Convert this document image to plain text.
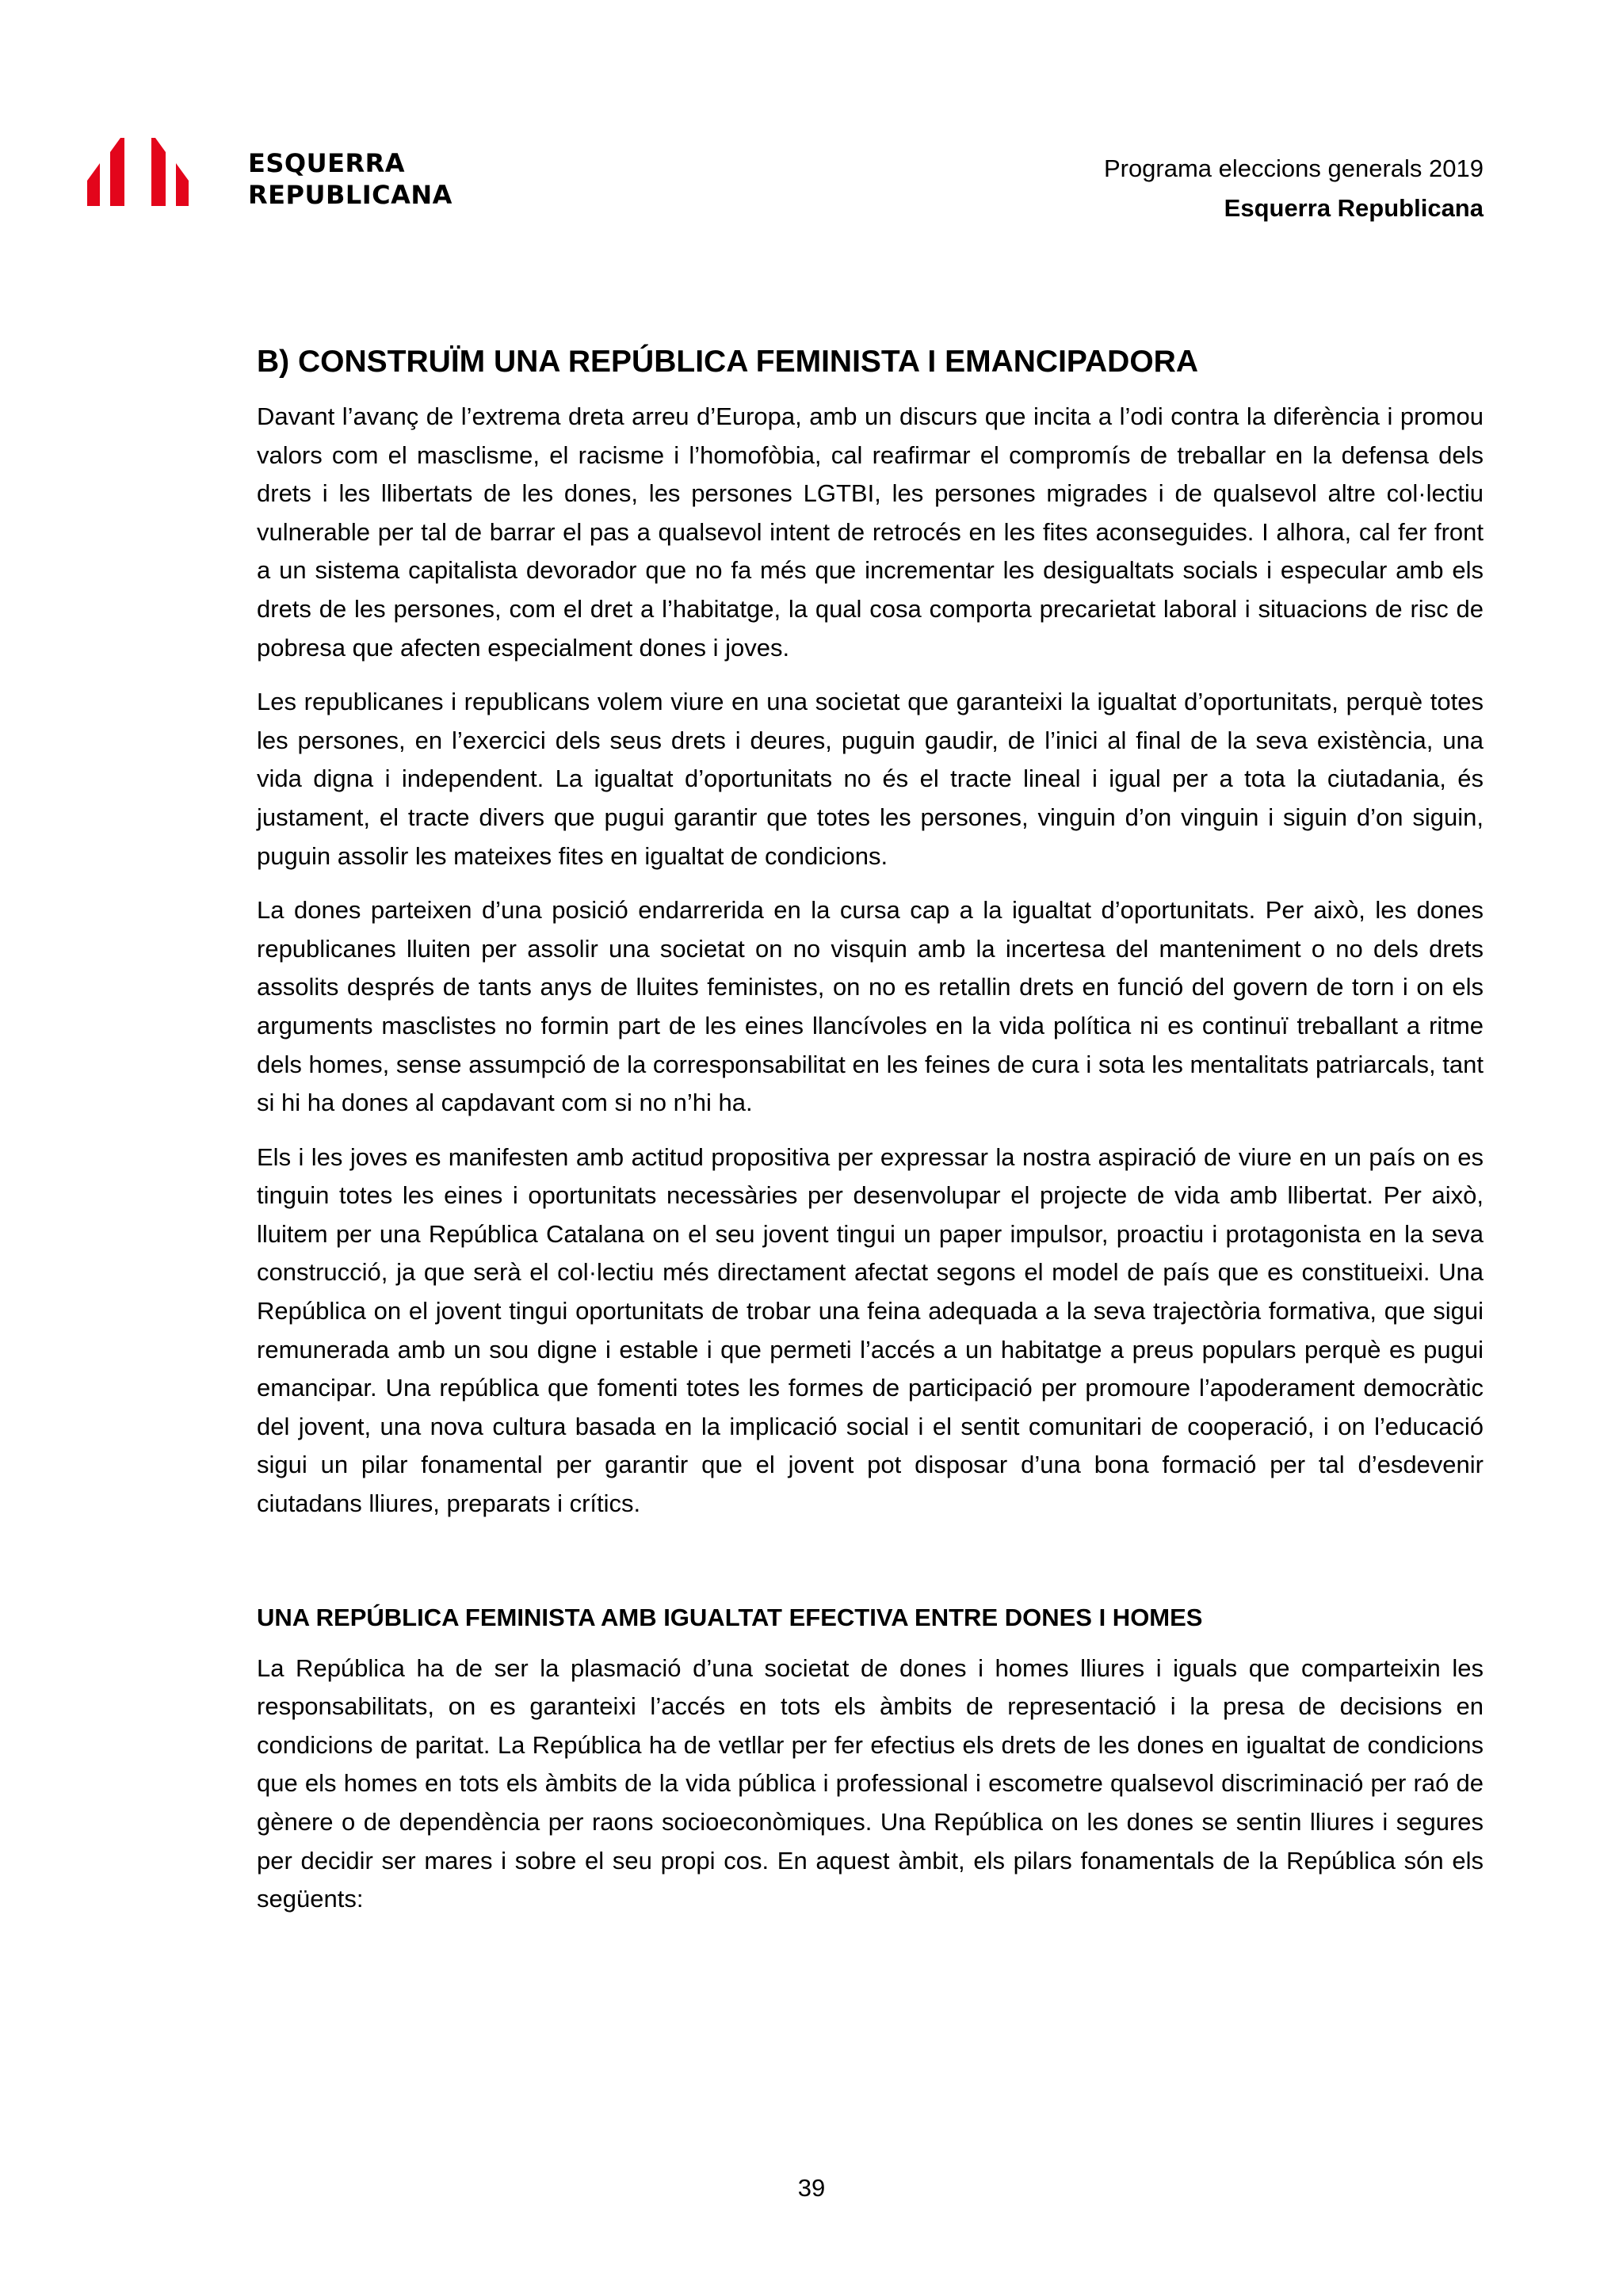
ESQUERRA
REPUBLICANA
Programa eleccions generals 2019
Esquerra Republicana
B) CONSTRUÏM UNA REPÚBLICA FEMINISTA I EMANCIPADORA

Davant l’avanç de l’extrema dreta arreu d’Europa, amb un discurs que incita a l’odi contra la diferència i promou valors com el masclisme, el racisme i l’homofòbia, cal reafirmar el compromís de treballar en la defensa dels drets i les llibertats de les dones, les persones LGTBI, les persones migrades i de qualsevol altre col·lectiu vulnerable per tal de barrar el pas a qualsevol intent de retrocés en les fites aconseguides. I alhora, cal fer front a un sistema capitalista devorador que no fa més que incrementar les desigualtats socials i especular amb els drets de les persones, com el dret a l’habitatge, la qual cosa comporta precarietat laboral i situacions de risc de pobresa que afecten especialment dones i joves.

Les republicanes i republicans volem viure en una societat que garanteixi la igualtat d’oportunitats, perquè totes les persones, en l’exercici dels seus drets i deures, puguin gaudir, de l’inici al final de la seva existència, una vida digna i independent. La igualtat d’oportunitats no és el tracte lineal i igual per a tota la ciutadania, és justament, el tracte divers que pugui garantir que totes les persones, vinguin d’on vinguin i siguin d’on siguin, puguin assolir les mateixes fites en igualtat de condicions.

La dones parteixen d’una posició endarrerida en la cursa cap a la igualtat d’oportunitats. Per això, les dones republicanes lluiten per assolir una societat on no visquin amb la incertesa del manteniment o no dels drets assolits després de tants anys de lluites feministes, on no es retallin drets en funció del govern de torn i on els arguments masclistes no formin part de les eines llancívoles en la vida política ni es continuï treballant a ritme dels homes, sense assumpció de la corresponsabilitat en les feines de cura i sota les mentalitats patriarcals, tant si hi ha dones al capdavant com si no n’hi ha.

Els i les joves es manifesten amb actitud propositiva per expressar la nostra aspiració de viure en un país on es tinguin totes les eines i oportunitats necessàries per desenvolupar el projecte de vida amb llibertat. Per això, lluitem per una República Catalana on el seu jovent tingui un paper impulsor, proactiu i protagonista en la seva construcció, ja que serà el col·lectiu més directament afectat segons el model de país que es constitueixi. Una República on el jovent tingui oportunitats de trobar una feina adequada a la seva trajectòria formativa, que sigui remunerada amb un sou digne i estable i que permeti l’accés a un habitatge a preus populars perquè es pugui emancipar. Una república que fomenti totes les formes de participació per promoure l’apoderament democràtic del jovent, una nova cultura basada en la implicació social i el sentit comunitari de cooperació, i on l’educació sigui un pilar fonamental per garantir que el jovent pot disposar d’una bona formació per tal d’esdevenir ciutadans lliures, preparats i crítics.

UNA REPÚBLICA FEMINISTA AMB IGUALTAT EFECTIVA ENTRE DONES I HOMES

La República ha de ser la plasmació d’una societat de dones i homes lliures i iguals que comparteixin les responsabilitats, on es garanteixi l’accés en tots els àmbits de representació i la presa de decisions en condicions de paritat. La República ha de vetllar per fer efectius els drets de les dones en igualtat de condicions que els homes en tots els àmbits de la vida pública i professional i escometre qualsevol discriminació per raó de gènere o de dependència per raons socioeconòmiques. Una República on les dones se sentin lliures i segures per decidir ser mares i sobre el seu propi cos. En aquest àmbit, els pilars fonamentals de la República són els següents:

39
